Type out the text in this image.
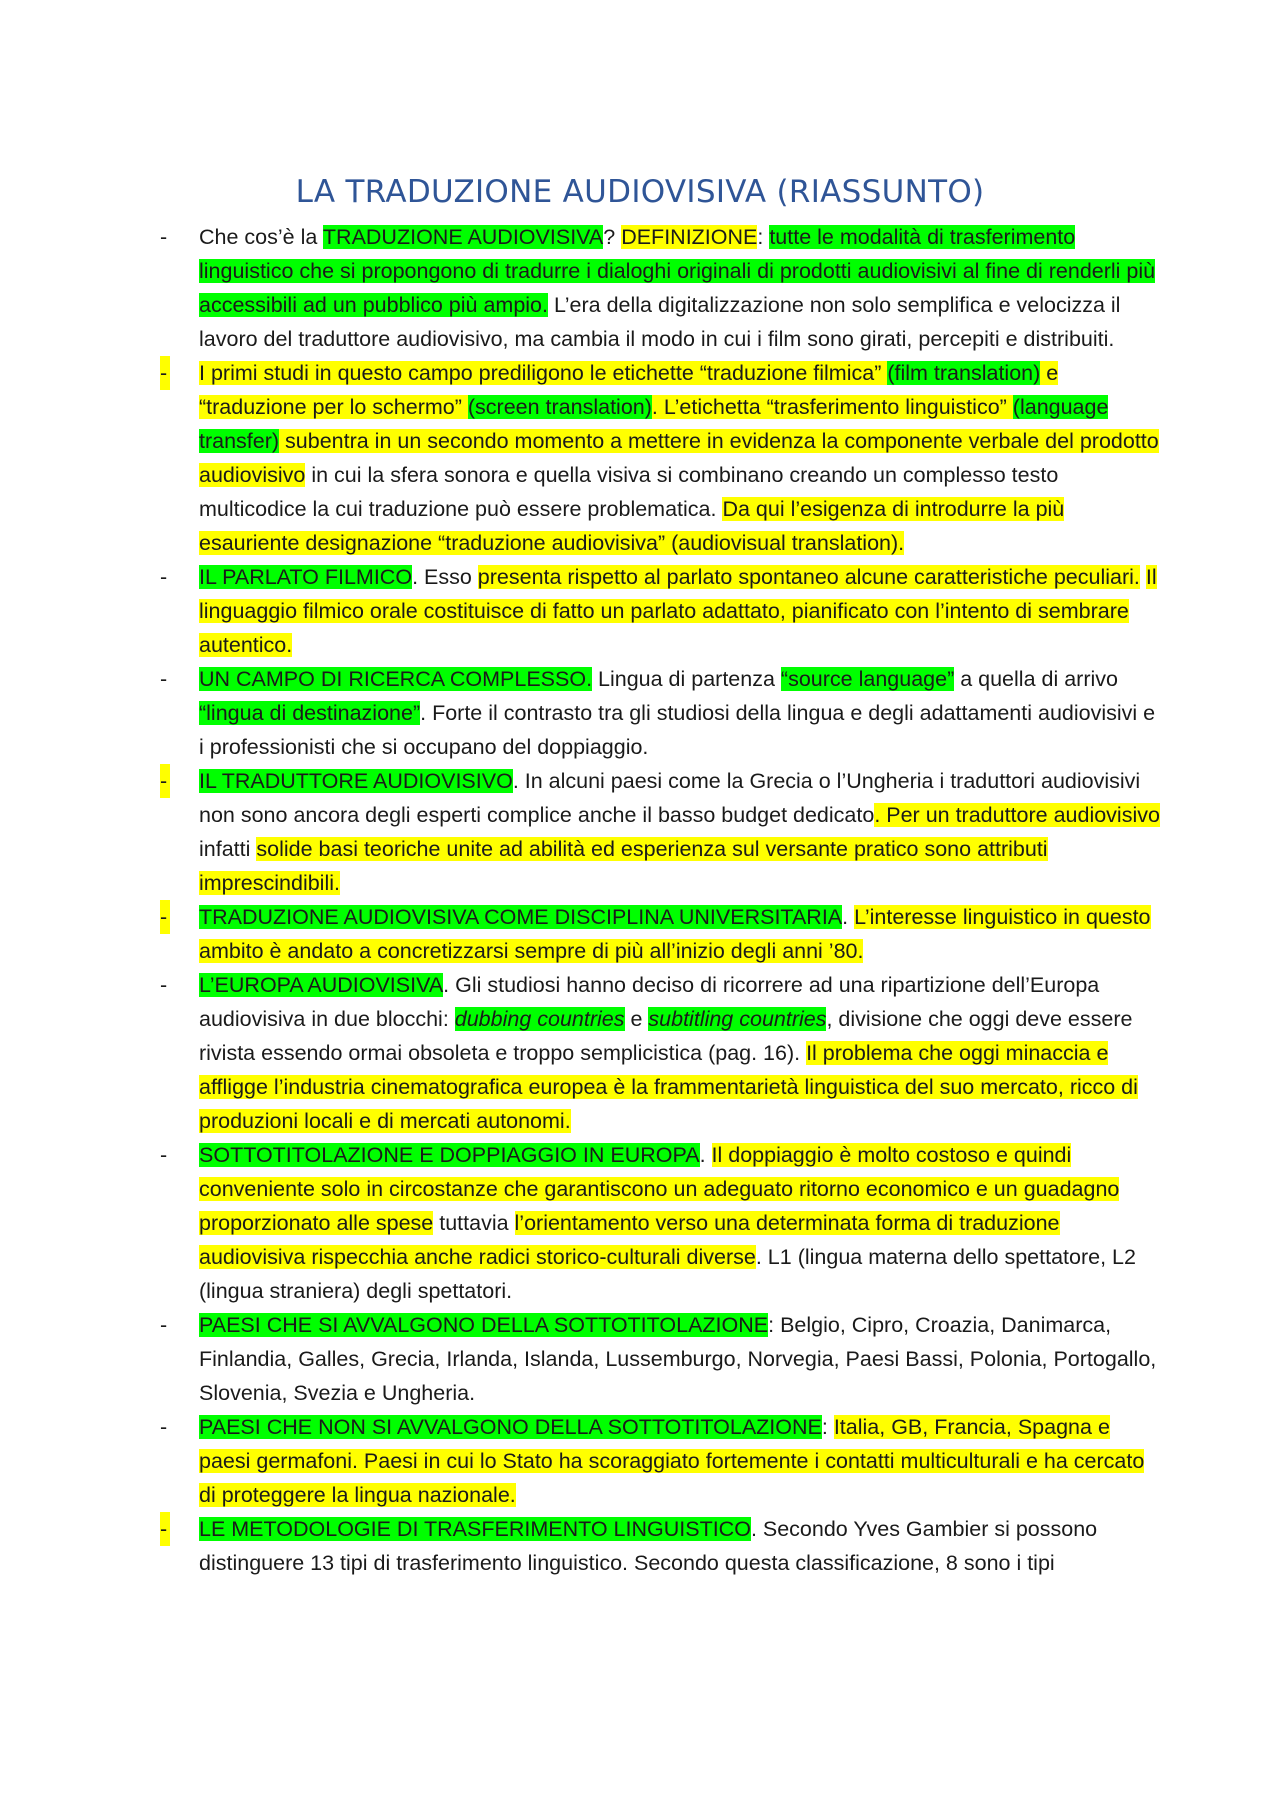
LA TRADUZIONE AUDIOVISIVA (RIASSUNTO)
- Che cos’è la TRADUZIONE AUDIOVISIVA? DEFINIZIONE: tutte le modalità di trasferimento linguistico che si propongono di tradurre i dialoghi originali di prodotti audiovisivi al fine di renderli più accessibili ad un pubblico più ampio. L’era della digitalizzazione non solo semplifica e velocizza il lavoro del traduttore audiovisivo, ma cambia il modo in cui i film sono girati, percepiti e distribuiti.
- I primi studi in questo campo prediligono le etichette “traduzione filmica” (film translation) e “traduzione per lo schermo” (screen translation). L’etichetta “trasferimento linguistico” (language transfer) subentra in un secondo momento a mettere in evidenza la componente verbale del prodotto audiovisivo in cui la sfera sonora e quella visiva si combinano creando un complesso testo multicodice la cui traduzione può essere problematica. Da qui l’esigenza di introdurre la più esauriente designazione “traduzione audiovisiva” (audiovisual translation).
- IL PARLATO FILMICO. Esso presenta rispetto al parlato spontaneo alcune caratteristiche peculiari. Il linguaggio filmico orale costituisce di fatto un parlato adattato, pianificato con l’intento di sembrare autentico.
- UN CAMPO DI RICERCA COMPLESSO. Lingua di partenza “source language” a quella di arrivo “lingua di destinazione”. Forte il contrasto tra gli studiosi della lingua e degli adattamenti audiovisivi e i professionisti che si occupano del doppiaggio.
- IL TRADUTTORE AUDIOVISIVO. In alcuni paesi come la Grecia o l’Ungheria i traduttori audiovisivi non sono ancora degli esperti complice anche il basso budget dedicato. Per un traduttore audiovisivo infatti solide basi teoriche unite ad abilità ed esperienza sul versante pratico sono attributi imprescindibili.
- TRADUZIONE AUDIOVISIVA COME DISCIPLINA UNIVERSITARIA. L’interesse linguistico in questo ambito è andato a concretizzarsi sempre di più all’inizio degli anni ’80.
- L’EUROPA AUDIOVISIVA. Gli studiosi hanno deciso di ricorrere ad una ripartizione dell’Europa audiovisiva in due blocchi: dubbing countries e subtitling countries, divisione che oggi deve essere rivista essendo ormai obsoleta e troppo semplicistica (pag. 16). Il problema che oggi minaccia e affligge l’industria cinematografica europea è la frammentarietà linguistica del suo mercato, ricco di produzioni locali e di mercati autonomi.
- SOTTOTITOLAZIONE E DOPPIAGGIO IN EUROPA. Il doppiaggio è molto costoso e quindi conveniente solo in circostanze che garantiscono un adeguato ritorno economico e un guadagno proporzionato alle spese tuttavia l’orientamento verso una determinata forma di traduzione audiovisiva rispecchia anche radici storico-culturali diverse. L1 (lingua materna dello spettatore, L2 (lingua straniera) degli spettatori.
- PAESI CHE SI AVVALGONO DELLA SOTTOTITOLAZIONE: Belgio, Cipro, Croazia, Danimarca, Finlandia, Galles, Grecia, Irlanda, Islanda, Lussemburgo, Norvegia, Paesi Bassi, Polonia, Portogallo, Slovenia, Svezia e Ungheria.
- PAESI CHE NON SI AVVALGONO DELLA SOTTOTITOLAZIONE: Italia, GB, Francia, Spagna e paesi germafoni. Paesi in cui lo Stato ha scoraggiato fortemente i contatti multiculturali e ha cercato di proteggere la lingua nazionale.
- LE METODOLOGIE DI TRASFERIMENTO LINGUISTICO. Secondo Yves Gambier si possono distinguere 13 tipi di trasferimento linguistico. Secondo questa classificazione, 8 sono i tipi
